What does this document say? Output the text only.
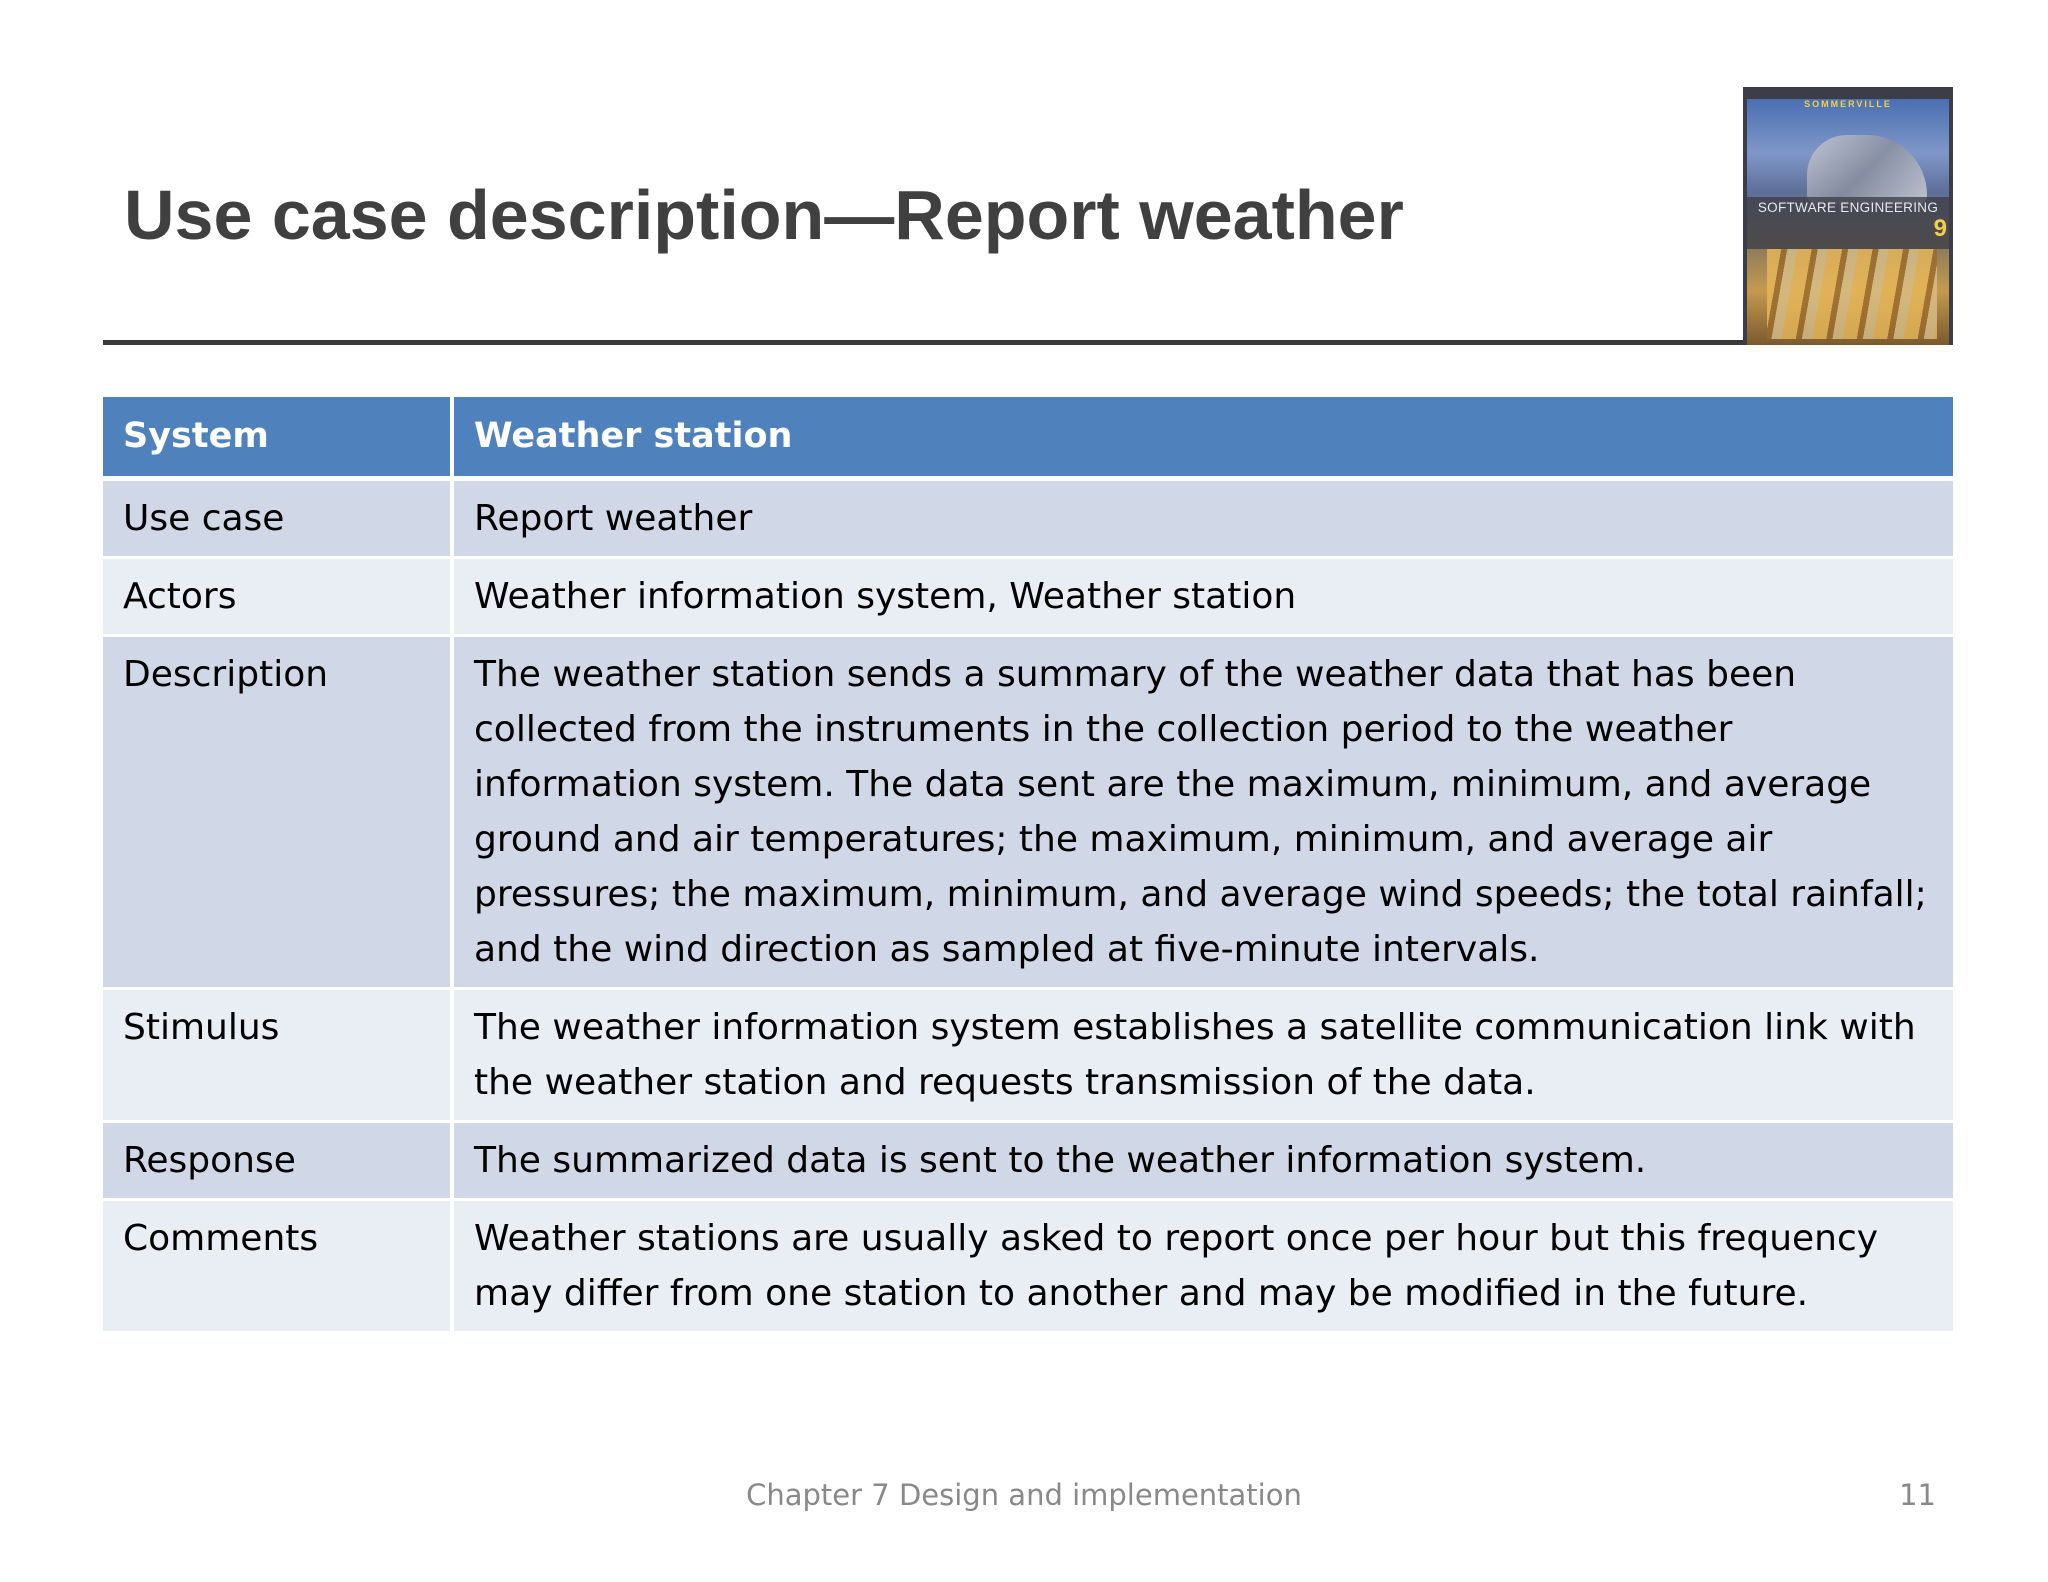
Use case description—Report weather
SOMMERVILLE
SOFTWARE ENGINEERING
9
System	Weather station
Use case	Report weather
Actors	Weather information system, Weather station
Description	The weather station sends a summary of the weather data that has been collected from the instruments in the collection period to the weather information system. The data sent are the maximum, minimum, and average ground and air temperatures; the maximum, minimum, and average air pressures; the maximum, minimum, and average wind speeds; the total rainfall; and the wind direction as sampled at five-minute intervals.
Stimulus	The weather information system establishes a satellite communication link with the weather station and requests transmission of the data.
Response	The summarized data is sent to the weather information system.
Comments	Weather stations are usually asked to report once per hour but this frequency may differ from one station to another and may be modified in the future.
Chapter 7 Design and implementation	11
